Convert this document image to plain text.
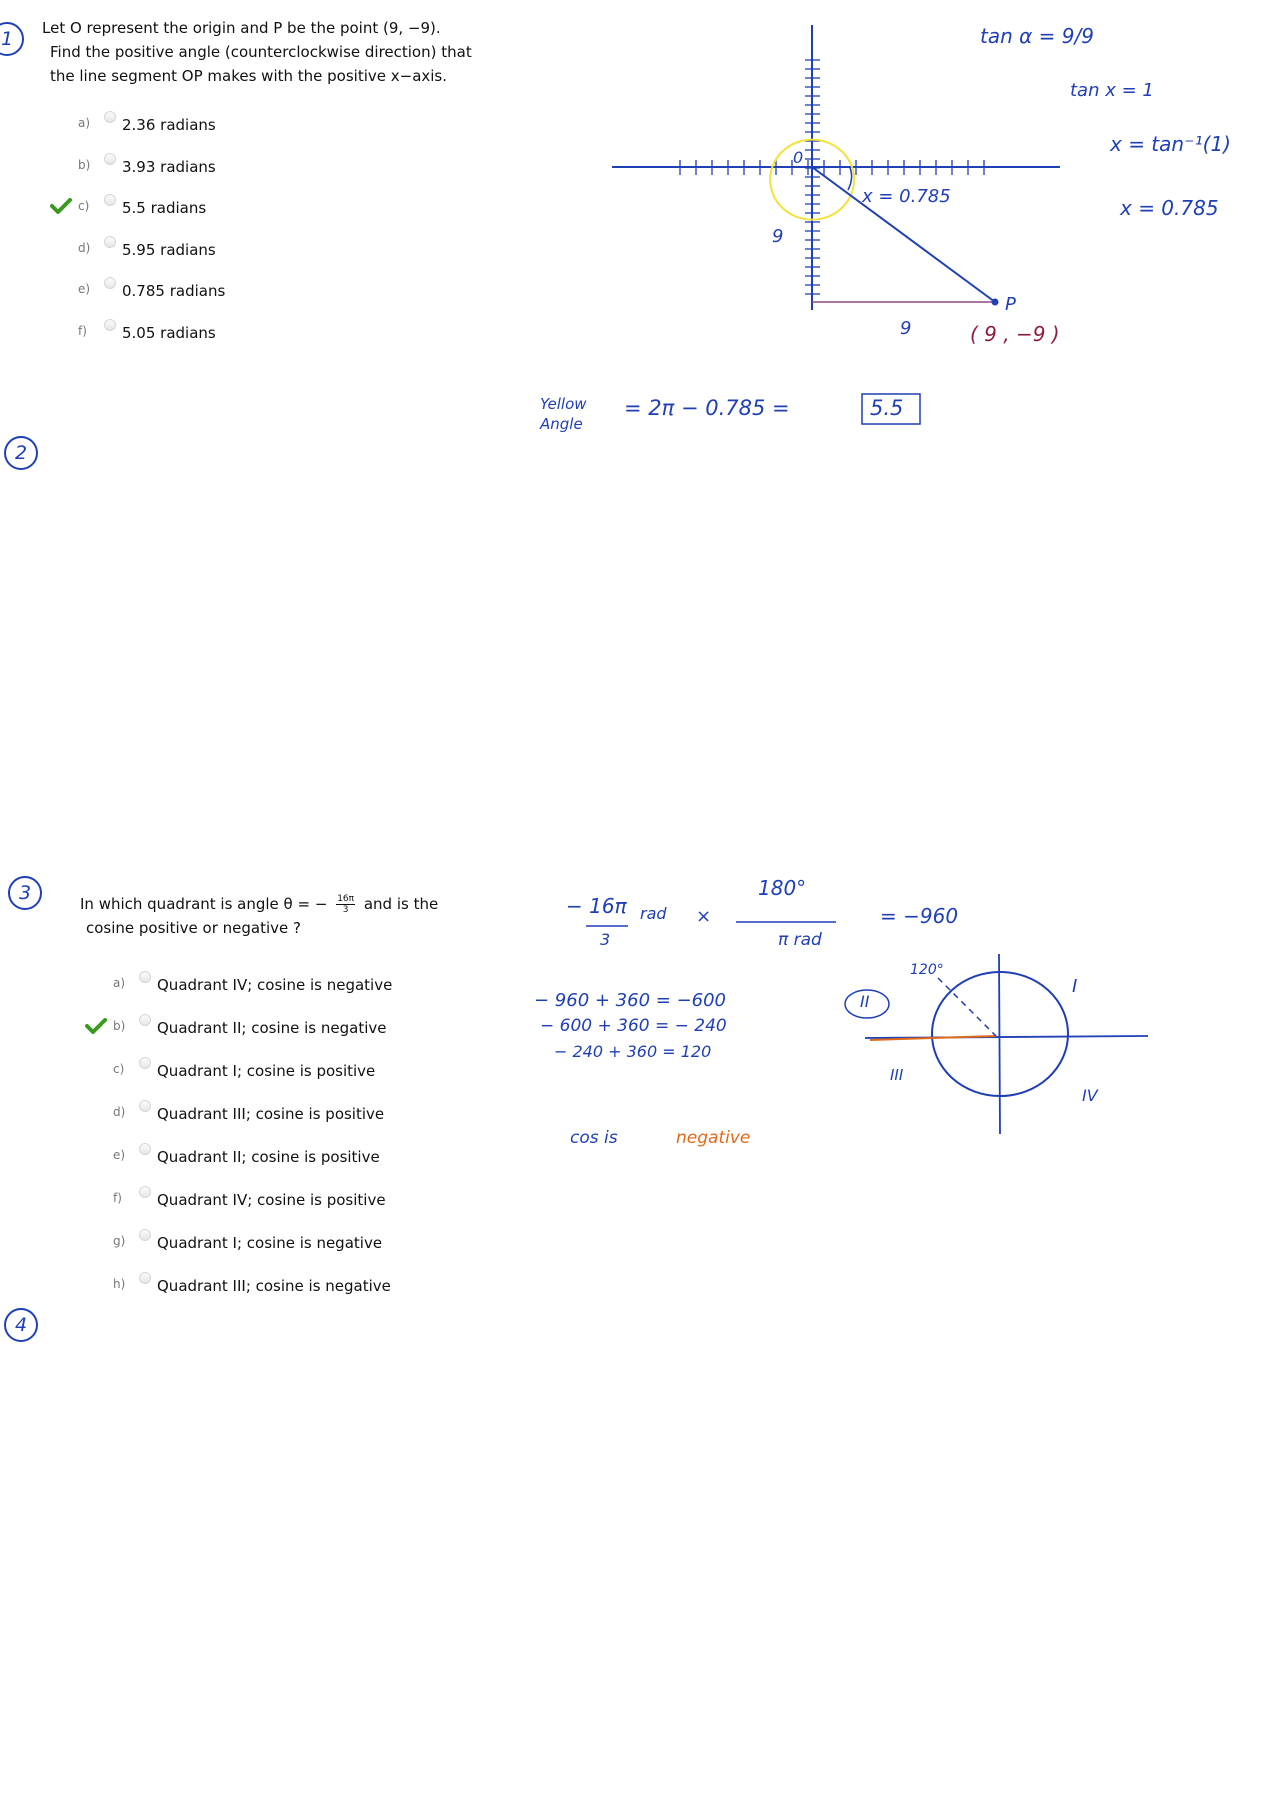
1
2
3
4
Let O represent the origin and P be the point (9, −9).
Find the positive angle (counterclockwise direction) that
the line segment OP makes with the positive x−axis.
a) 2.36 radians
b) 3.93 radians
c) 5.5 radians
d) 5.95 radians
e) 0.785 radians
f) 5.05 radians
0
x = 0.785
9
9
P
( 9 , −9 )
tan α = 9/9
tan x = 1
x = tan⁻¹(1)
x = 0.785
Yellow
Angle
= 2π − 0.785 =	5.5
In which quadrant is angle θ = − $\frac{16\pi}{3}$ and is the
cosine positive or negative ?
a) Quadrant IV; cosine is negative
b) Quadrant II; cosine is negative
c) Quadrant I; cosine is positive
d) Quadrant III; cosine is positive
e) Quadrant II; cosine is positive
f) Quadrant IV; cosine is positive
g) Quadrant I; cosine is negative
h) Quadrant III; cosine is negative
− 16π
3
rad ×
180°
π rad
= −960
− 960 + 360 = −600
− 600 + 360 = − 240
− 240 + 360 = 120
cos is	negative
120°
II
I
III
IV
